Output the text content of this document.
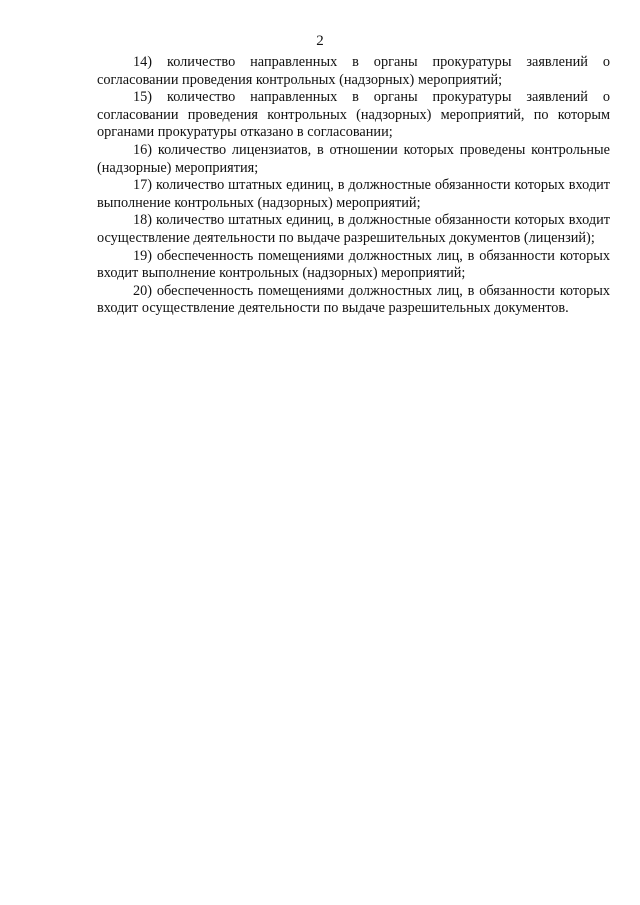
2

14) количество направленных в органы прокуратуры заявлений о согласовании проведения контрольных (надзорных) мероприятий;

15) количество направленных в органы прокуратуры заявлений о согласовании проведения контрольных (надзорных) мероприятий, по которым органами прокуратуры отказано в согласовании;

16) количество лицензиатов, в отношении которых проведены контрольные (надзорные) мероприятия;

17) количество штатных единиц, в должностные обязанности которых входит выполнение контрольных (надзорных) мероприятий;

18) количество штатных единиц, в должностные обязанности которых входит осуществление деятельности по выдаче разрешительных документов (лицензий);

19) обеспеченность помещениями должностных лиц, в обязанности которых входит выполнение контрольных (надзорных) мероприятий;

20) обеспеченность помещениями должностных лиц, в обязанности которых входит осуществление деятельности по выдаче разрешительных документов.
